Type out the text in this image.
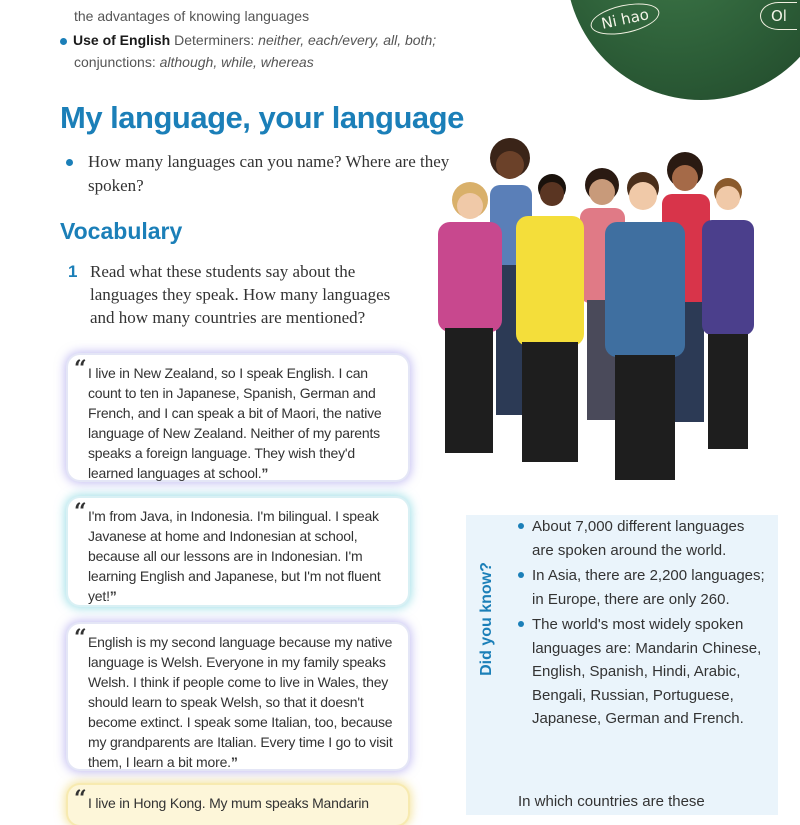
Ni hao	Ol
the advantages of knowing languages
Use of English Determiners: neither, each/every, all, both;
conjunctions: although, while, whereas
My language, your language
How many languages can you name? Where are they spoken?
Vocabulary
1 Read what these students say about the languages they speak. How many languages and how many countries are mentioned?
“ I live in New Zealand, so I speak English. I can count to ten in Japanese, Spanish, German and French, and I can speak a bit of Maori, the native language of New Zealand. Neither of my parents speaks a foreign language. They wish they'd learned languages at school.”

“ I'm from Java, in Indonesia. I'm bilingual. I speak Javanese at home and Indonesian at school, because all our lessons are in Indonesian. I'm learning English and Japanese, but I'm not fluent yet!”

“ English is my second language because my native language is Welsh. Everyone in my family speaks Welsh. I think if people come to live in Wales, they should learn to speak Welsh, so that it doesn't become extinct. I speak some Italian, too, because my grandparents are Italian. Every time I go to visit them, I learn a bit more.”

“ I live in Hong Kong. My mum speaks Mandarin

Did you know?
About 7,000 different languages are spoken around the world.
In Asia, there are 2,200 languages; in Europe, there are only 260.
The world's most widely spoken languages are: Mandarin Chinese, English, Spanish, Hindi, Arabic, Bengali, Russian, Portuguese, Japanese, German and French.
In which countries are these
